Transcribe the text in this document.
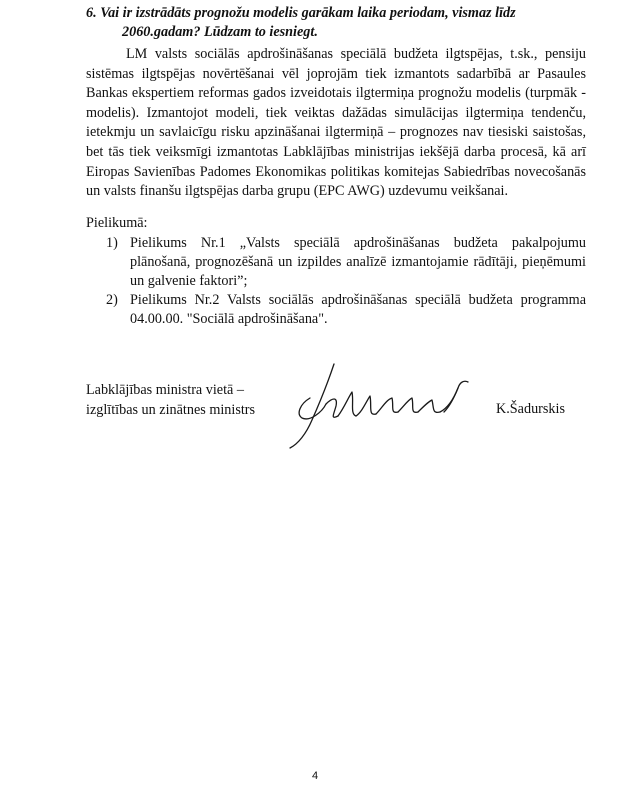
6. Vai ir izstrādāts prognožu modelis garākam laika periodam, vismaz līdz
2060.gadam? Lūdzam to iesniegt.

LM valsts sociālās apdrošināšanas speciālā budžeta ilgtspējas, t.sk., pensiju sistēmas ilgtspējas novērtēšanai vēl joprojām tiek izmantots sadarbībā ar Pasaules Bankas ekspertiem reformas gados izveidotais ilgtermiņa prognožu modelis (turpmāk - modelis). Izmantojot modeli, tiek veiktas dažādas simulācijas ilgtermiņa tendenču, ietekmju un savlaicīgu risku apzināšanai ilgtermiņā – prognozes nav tiesiski saistošas, bet tās tiek veiksmīgi izmantotas Labklājības ministrijas iekšējā darba procesā, kā arī Eiropas Savienības Padomes Ekonomikas politikas komitejas Sabiedrības novecošanās un valsts finanšu ilgtspējas darba grupu (EPC AWG) uzdevumu veikšanai.

Pielikumā:
1) Pielikums Nr.1 „Valsts speciālā apdrošināšanas budžeta pakalpojumu plānošanā, prognozēšanā un izpildes analīzē izmantojamie rādītāji, pieņēmumi un galvenie faktori”;
2) Pielikums Nr.2 Valsts sociālās apdrošināšanas speciālā budžeta programma 04.00.00. "Sociālā apdrošināšana".
Labklājības ministra vietā –
izglītības un zinātnes ministrs	K.Šadurskis
4
